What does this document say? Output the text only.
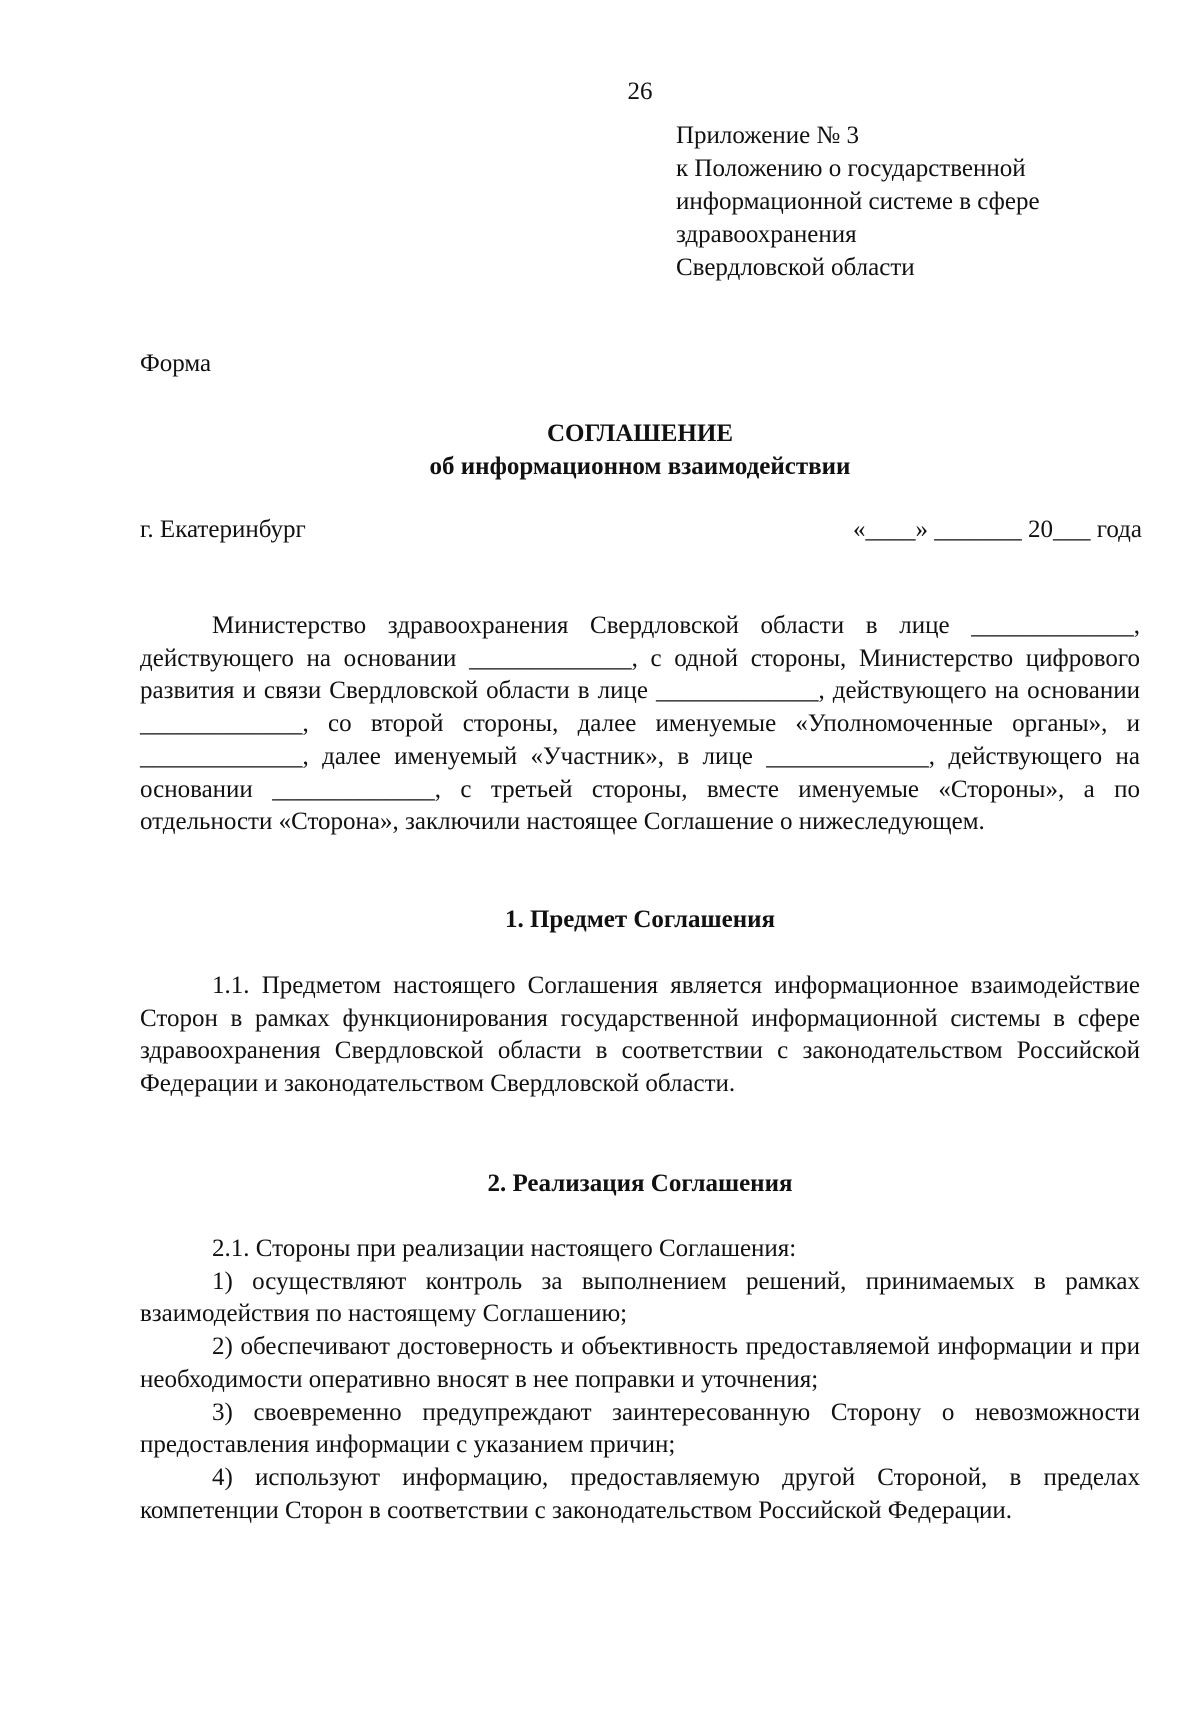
26
Приложение № 3
к Положению о государственной
информационной системе в сфере
здравоохранения
Свердловской области
Форма
СОГЛАШЕНИЕ
об информационном взаимодействии
г. Екатеринбург	«____» _______ 20___ года

Министерство здравоохранения Свердловской области в лице _____________, действующего на основании _____________, с одной стороны, Министерство цифрового развития и связи Свердловской области в лице _____________, действующего на основании _____________, со второй стороны, далее именуемые «Уполномоченные органы», и _____________, далее именуемый «Участник», в лице _____________, действующего на основании _____________, с третьей стороны, вместе именуемые «Стороны», а по отдельности «Сторона», заключили настоящее Соглашение о нижеследующем.

1. Предмет Соглашения

1.1. Предметом настоящего Соглашения является информационное взаимодействие Сторон в рамках функционирования государственной информационной системы в сфере здравоохранения Свердловской области в соответствии с законодательством Российской Федерации и законодательством Свердловской области.

2. Реализация Соглашения

2.1. Стороны при реализации настоящего Соглашения:

1) осуществляют контроль за выполнением решений, принимаемых в рамках взаимодействия по настоящему Соглашению;

2) обеспечивают достоверность и объективность предоставляемой информации и при необходимости оперативно вносят в нее поправки и уточнения;

3) своевременно предупреждают заинтересованную Сторону о невозможности предоставления информации с указанием причин;

4) используют информацию, предоставляемую другой Стороной, в пределах компетенции Сторон в соответствии с законодательством Российской Федерации.
